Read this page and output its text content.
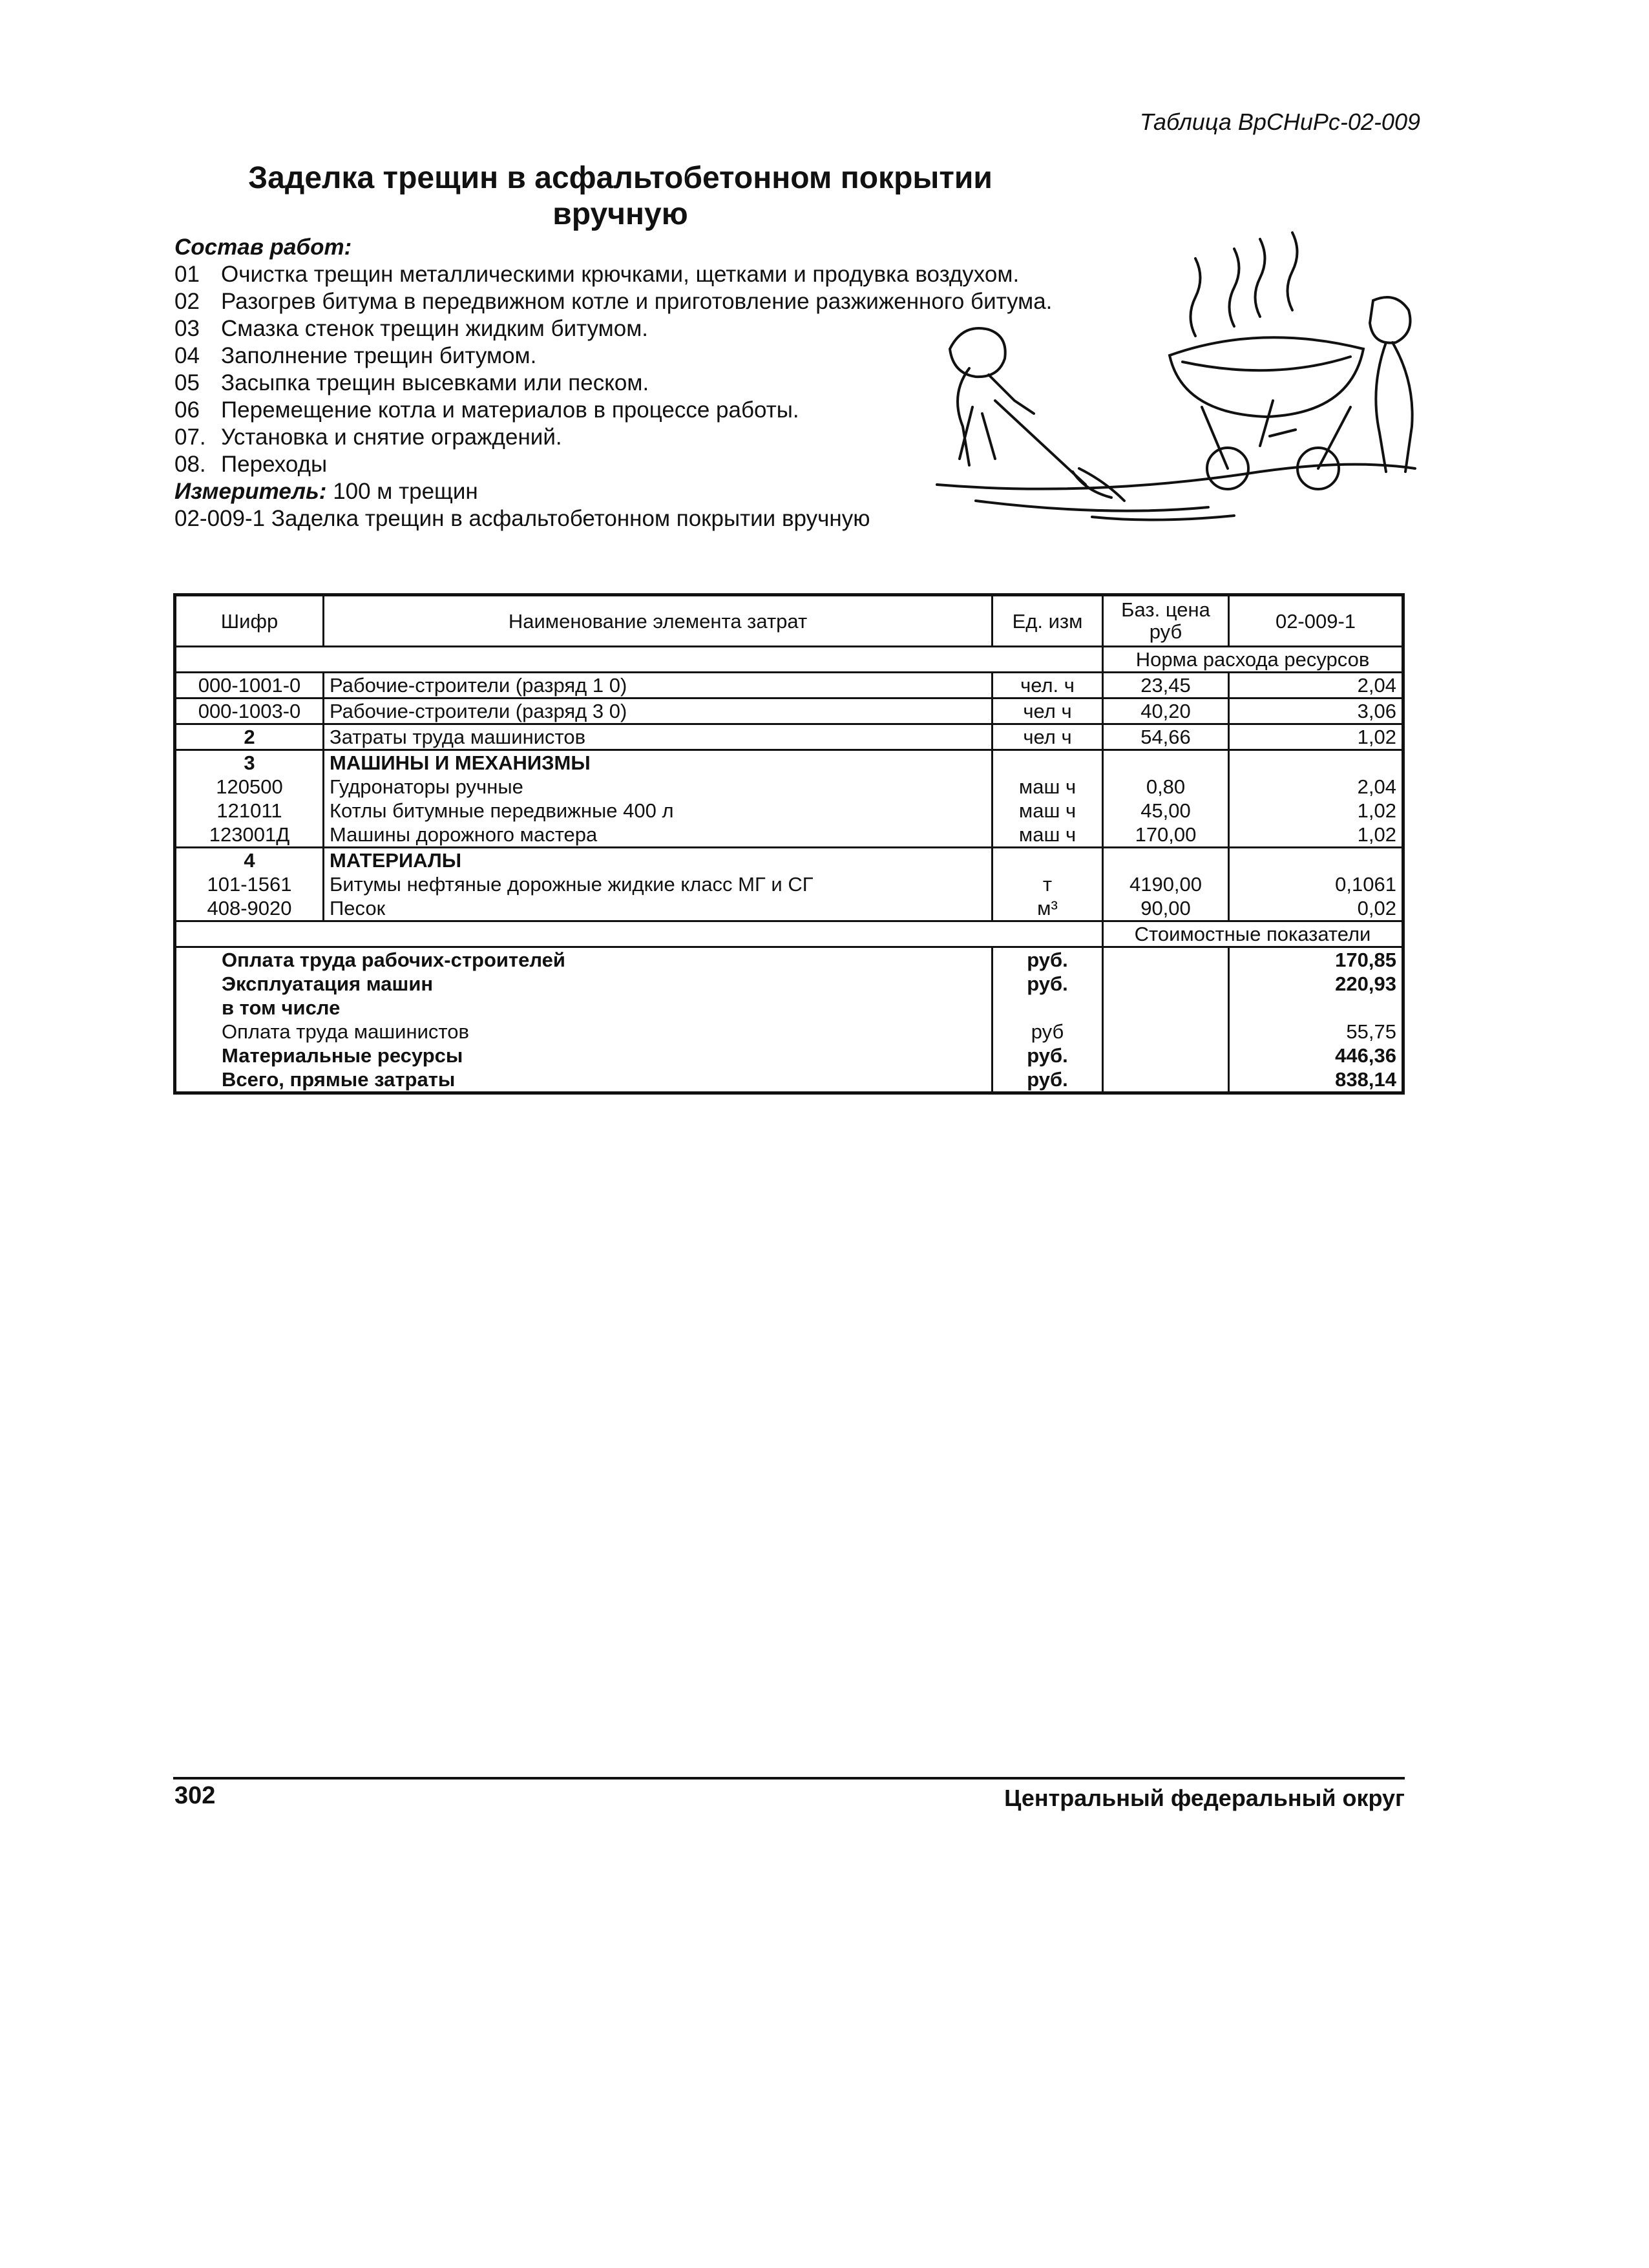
Таблица ВрСНиРс-02-009
Заделка трещин в асфальтобетонном покрытии
вручную
Состав работ:
01 Очистка трещин металлическими крючками, щетками и продувка воздухом.
02 Разогрев битума в передвижном котле и приготовление разжиженного битума.
03 Смазка стенок трещин жидким битумом.
04 Заполнение трещин битумом.
05 Засыпка трещин высевками или песком.
06 Перемещение котла и материалов в процессе работы.
07. Установка и снятие ограждений.
08. Переходы
Измеритель: 100 м трещин
02-009-1 Заделка трещин в асфальтобетонном покрытии вручную
Шифр	Наименование элемента затрат	Ед. изм	Баз. цена руб	02-009-1
			Норма расхода ресурсов	
000-1001-0	Рабочие-строители (разряд 1 0)	чел. ч	23,45	2,04
000-1003-0	Рабочие-строители (разряд 3 0)	чел ч	40,20	3,06
2	Затраты труда машинистов	чел ч	54,66	1,02
3	МАШИНЫ И МЕХАНИЗМЫ			
120500	Гудронаторы ручные	маш ч	0,80	2,04
121011	Котлы битумные передвижные 400 л	маш ч	45,00	1,02
123001Д	Машины дорожного мастера	маш ч	170,00	1,02
4	МАТЕРИАЛЫ			
101-1561	Битумы нефтяные дорожные жидкие класс МГ и СГ	т	4190,00	0,1061
408-9020	Песок	м³	90,00	0,02
			Стоимостные показатели	
Оплата труда рабочих-строителей		руб.		170,85
Эксплуатация машин		руб.		220,93
в том числе				
Оплата труда машинистов		руб		55,75
Материальные ресурсы		руб.		446,36
Всего, прямые затраты		руб.		838,14
302	Центральный федеральный округ
